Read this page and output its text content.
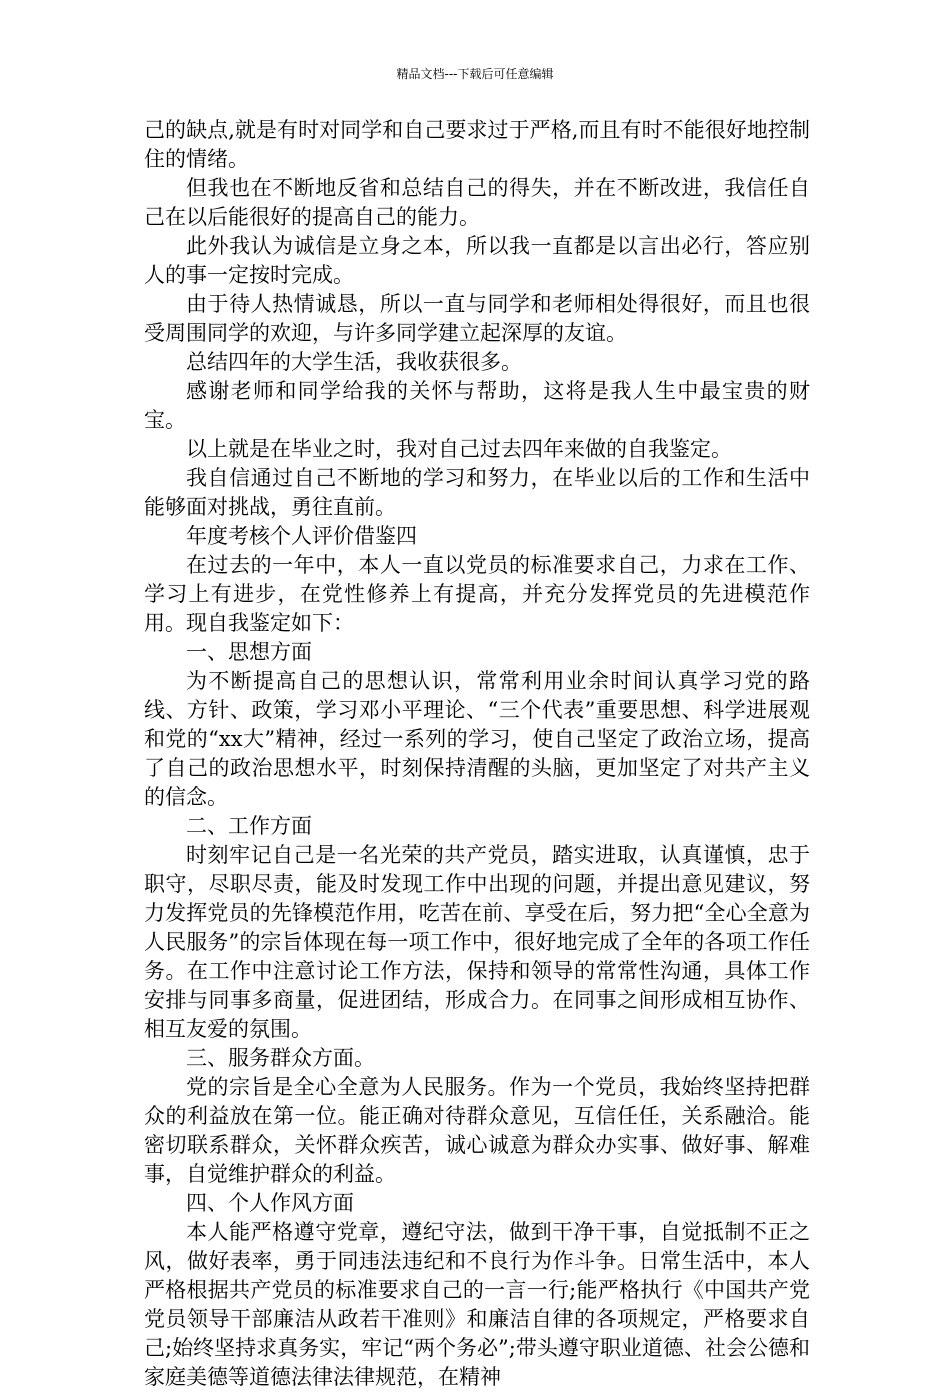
精品文档---下载后可任意编辑

己的缺点,就是有时对同学和自己要求过于严格,而且有时不能很好地控制住的情绪。

但我也在不断地反省和总结自己的得失，并在不断改进，我信任自己在以后能很好的提高自己的能力。

此外我认为诚信是立身之本，所以我一直都是以言出必行，答应别人的事一定按时完成。

由于待人热情诚恳，所以一直与同学和老师相处得很好，而且也很受周围同学的欢迎，与许多同学建立起深厚的友谊。

总结四年的大学生活，我收获很多。

感谢老师和同学给我的关怀与帮助，这将是我人生中最宝贵的财宝。

以上就是在毕业之时，我对自己过去四年来做的自我鉴定。

我自信通过自己不断地的学习和努力，在毕业以后的工作和生活中能够面对挑战，勇往直前。

年度考核个人评价借鉴四

在过去的一年中，本人一直以党员的标准要求自己，力求在工作、学习上有进步，在党性修养上有提高，并充分发挥党员的先进模范作用。现自我鉴定如下：

一、思想方面

为不断提高自己的思想认识，常常利用业余时间认真学习党的路线、方针、政策，学习邓小平理论、“三个代表”重要思想、科学进展观和党的“xx大”精神，经过一系列的学习，使自己坚定了政治立场，提高了自己的政治思想水平，时刻保持清醒的头脑，更加坚定了对共产主义的信念。

二、工作方面

时刻牢记自己是一名光荣的共产党员，踏实进取，认真谨慎，忠于职守，尽职尽责，能及时发现工作中出现的问题，并提出意见建议，努力发挥党员的先锋模范作用，吃苦在前、享受在后，努力把“全心全意为人民服务”的宗旨体现在每一项工作中，很好地完成了全年的各项工作任务。在工作中注意讨论工作方法，保持和领导的常常性沟通，具体工作安排与同事多商量，促进团结，形成合力。在同事之间形成相互协作、相互友爱的氛围。

三、服务群众方面。

党的宗旨是全心全意为人民服务。作为一个党员，我始终坚持把群众的利益放在第一位。能正确对待群众意见，互信任任，关系融洽。能密切联系群众，关怀群众疾苦，诚心诚意为群众办实事、做好事、解难事，自觉维护群众的利益。

四、个人作风方面

本人能严格遵守党章，遵纪守法，做到干净干事，自觉抵制不正之风，做好表率，勇于同违法违纪和不良行为作斗争。日常生活中，本人严格根据共产党员的标准要求自己的一言一行;能严格执行《中国共产党党员领导干部廉洁从政若干准则》和廉洁自律的各项规定，严格要求自己;始终坚持求真务实，牢记“两个务必”;带头遵守职业道德、社会公德和家庭美德等道德法律法律规范，在精神
